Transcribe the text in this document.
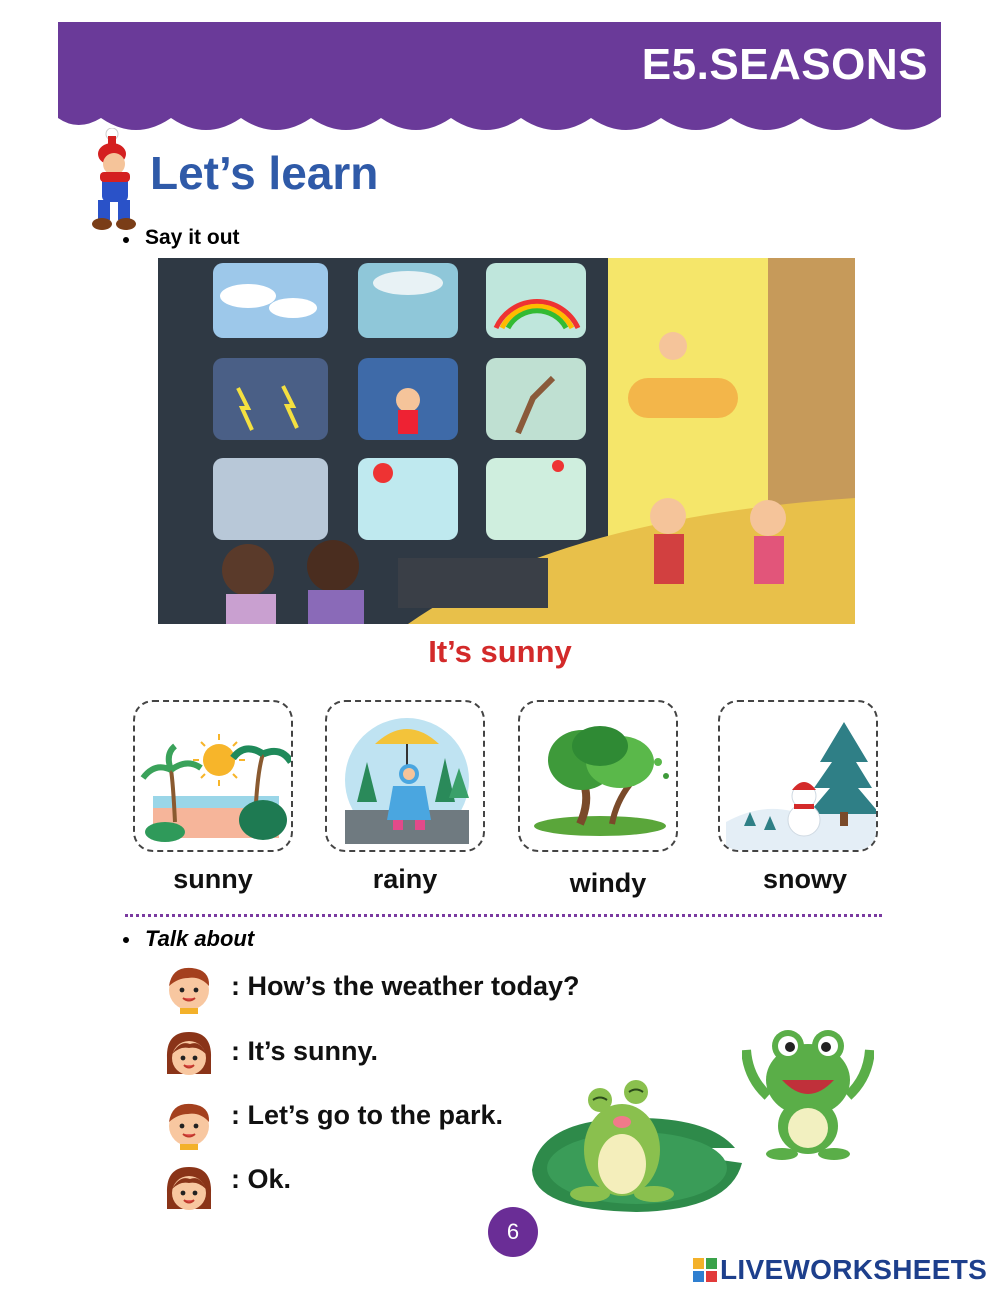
E5.SEASONS
Let’s learn
Say it out
It’s sunny
sunny	rainy	windy	snowy
Talk about
: How’s the weather today?
: It’s sunny.
: Let’s go to the park.
: Ok.
6
LIVEWORKSHEETS
